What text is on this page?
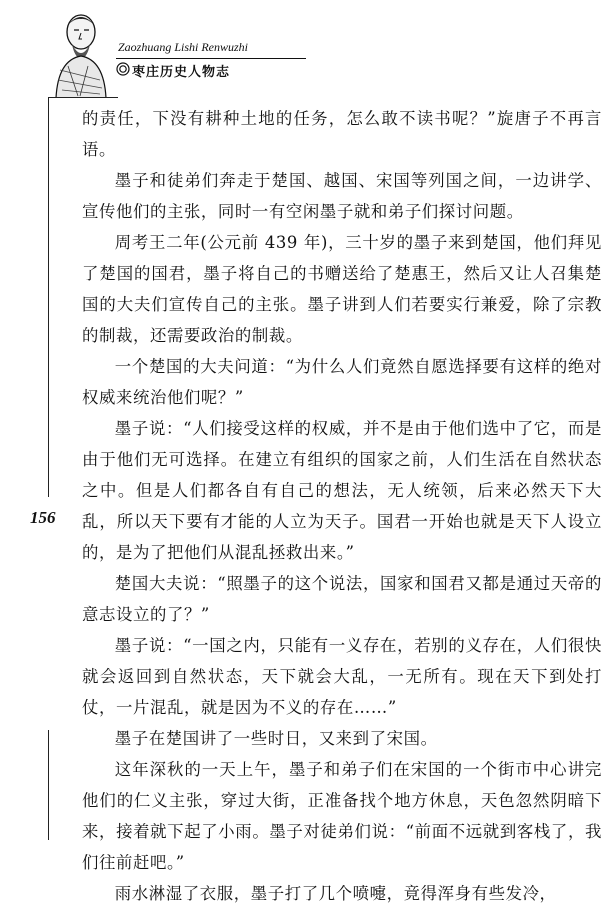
Zaozhuang Lishi Renwuzhi
枣庄历史人物志
156

的责任，下没有耕种土地的任务，怎么敢不读书呢？”旋唐子不再言语。

墨子和徒弟们奔走于楚国、越国、宋国等列国之间，一边讲学、宣传他们的主张，同时一有空闲墨子就和弟子们探讨问题。

周考王二年(公元前 439 年)，三十岁的墨子来到楚国，他们拜见了楚国的国君，墨子将自己的书赠送给了楚惠王，然后又让人召集楚国的大夫们宣传自己的主张。墨子讲到人们若要实行兼爱，除了宗教的制裁，还需要政治的制裁。

一个楚国的大夫问道：“为什么人们竟然自愿选择要有这样的绝对权威来统治他们呢？”

墨子说：“人们接受这样的权威，并不是由于他们选中了它，而是由于他们无可选择。在建立有组织的国家之前，人们生活在自然状态之中。但是人们都各自有自己的想法，无人统领，后来必然天下大乱，所以天下要有才能的人立为天子。国君一开始也就是天下人设立的，是为了把他们从混乱拯救出来。”

楚国大夫说：“照墨子的这个说法，国家和国君又都是通过天帝的意志设立的了？”

墨子说：“一国之内，只能有一义存在，若别的义存在，人们很快就会返回到自然状态，天下就会大乱，一无所有。现在天下到处打仗，一片混乱，就是因为不义的存在……”

墨子在楚国讲了一些时日，又来到了宋国。

这年深秋的一天上午，墨子和弟子们在宋国的一个街市中心讲完他们的仁义主张，穿过大街，正准备找个地方休息，天色忽然阴暗下来，接着就下起了小雨。墨子对徒弟们说：“前面不远就到客栈了，我们往前赶吧。”

雨水淋湿了衣服，墨子打了几个喷嚏，竟得浑身有些发冷，
